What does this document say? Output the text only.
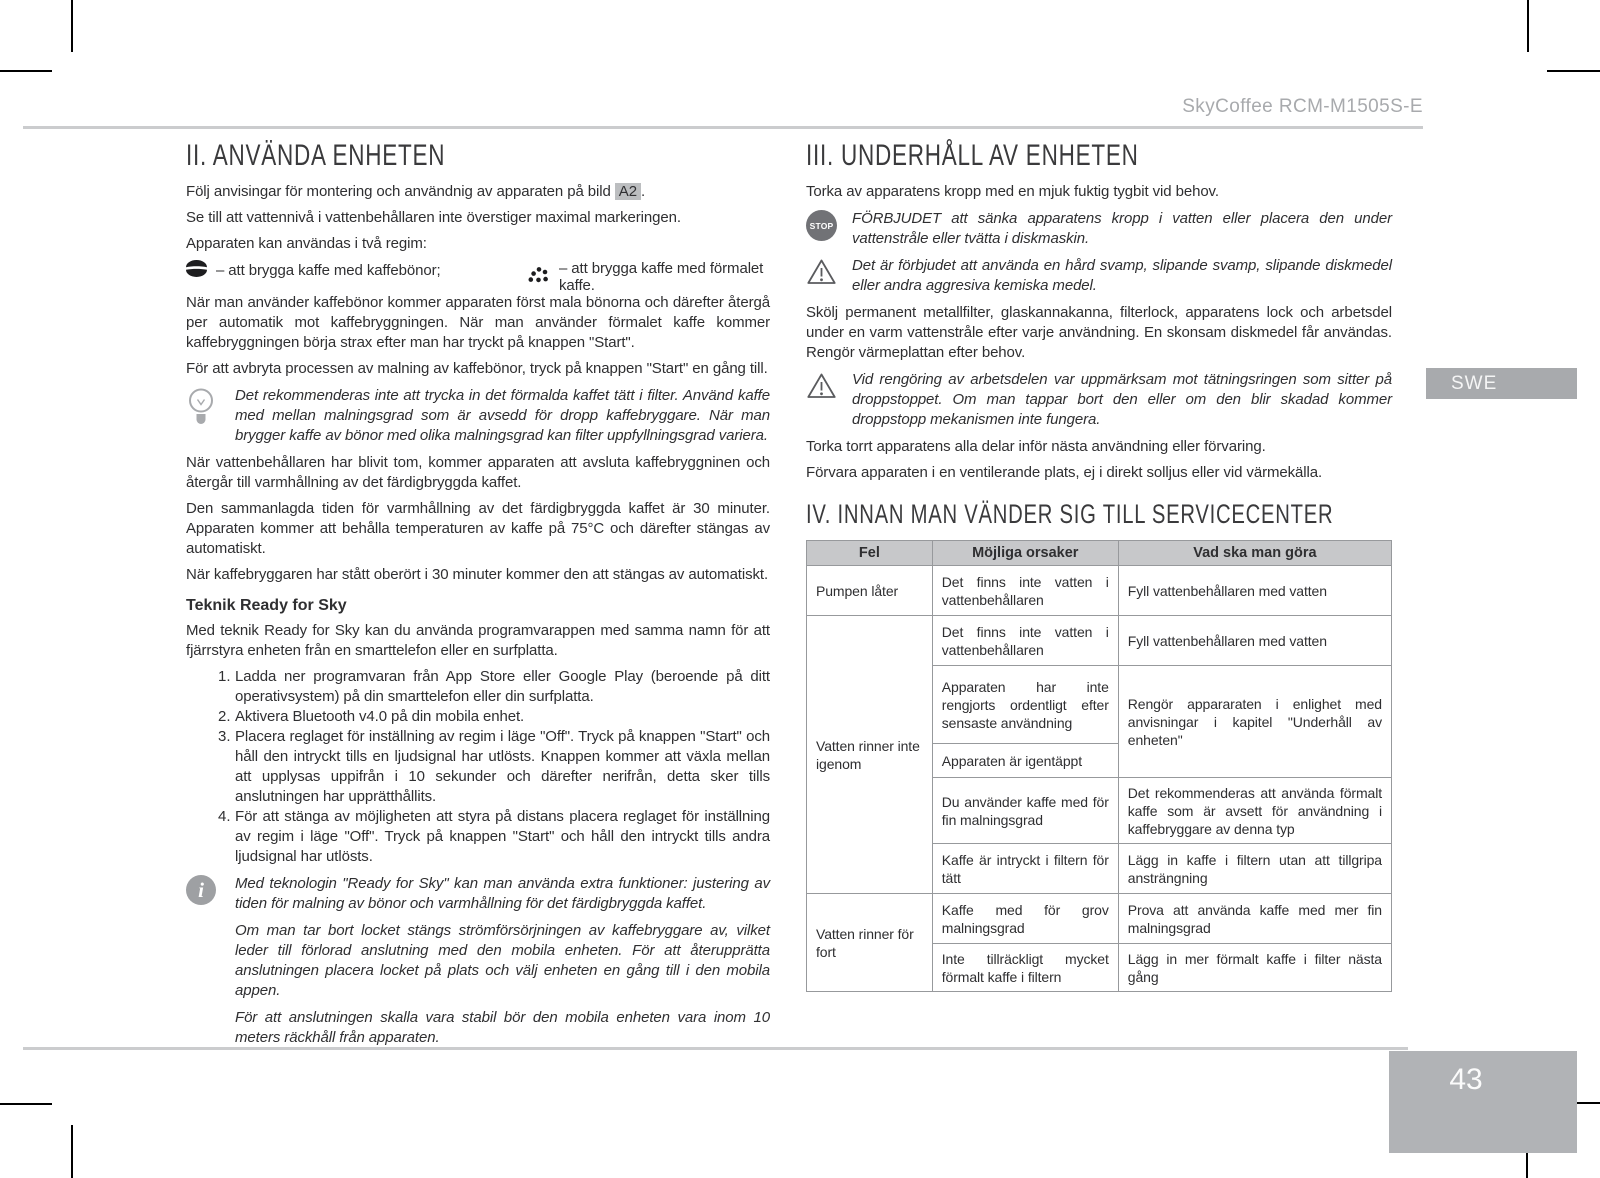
SkyCoffee RCM-M1505S-E
II. ANVÄNDA ENHETEN

Följ anvisingar för montering och användnig av apparaten på bild A2 .

Se till att vattennivå i vattenbehållaren inte överstiger maximal markeringen.

Apparaten kan användas i två regim:

– att brygga kaffe med kaffebönor;	– att brygga kaffe med förmalet kaffe.

När man använder kaffebönor kommer apparaten först mala bönorna och därefter återgå per automatik mot kaffebryggningen. När man använder förmalet kaffe kommer kaffebryggningen börja strax efter man har tryckt på knappen "Start".

För att avbryta processen av malning av kaffebönor, tryck på knappen "Start" en gång till.

Det rekommenderas inte att trycka in det förmalda kaffet tätt i filter. Använd kaffe med mellan malningsgrad som är avsedd för dropp kaffebryggare. När man brygger kaffe av bönor med olika malningsgrad kan filter uppfyllningsgrad variera.

När vattenbehållaren har blivit tom, kommer apparaten att avsluta kaffebryggninen och återgår till varmhållning av det färdigbryggda kaffet.

Den sammanlagda tiden för varmhållning av det färdigbryggda kaffet är 30 minuter. Apparaten kommer att behålla temperaturen av kaffe på 75°C och därefter stängas av automatiskt.

När kaffebryggaren har stått oberört i 30 minuter kommer den att stängas av automatiskt.

Teknik Ready for Sky

Med teknik Ready for Sky kan du använda programvarappen med samma namn för att fjärrstyra enheten från en smarttelefon eller en surfplatta.

1. Ladda ner programvaran från App Store eller Google Play (beroende på ditt operativsystem) på din smarttelefon eller din surfplatta.
2. Aktivera Bluetooth v4.0 på din mobila enhet.
3. Placera reglaget för inställning av regim i läge "Off". Tryck på knappen "Start" och håll den intryckt tills en ljudsignal har utlösts. Knappen kommer att växla mellan att upplysas uppifrån i 10 sekunder och därefter nerifrån, detta sker tills anslutningen har upprätthållits.
4. För att stänga av möjligheten att styra på distans placera reglaget för inställning av regim i läge "Off". Tryck på knappen "Start" och håll den intryckt tills andra ljudsignal har utlösts.
i	Med teknologin "Ready for Sky" kan man använda extra funktioner: justering av tiden för malning av bönor och varmhållning för det färdigbryggda kaffet.
Om man tar bort locket stängs strömförsörjningen av kaffebryggare av, vilket leder till förlorad anslutning med den mobila enheten. För att återupprätta anslutningen placera locket på plats och välj enheten en gång till i den mobila appen.
För att anslutningen skalla vara stabil bör den mobila enheten vara inom 10 meters räckhåll från apparaten.
III. UNDERHÅLL AV ENHETEN

Torka av apparatens kropp med en mjuk fuktig tygbit vid behov.

STOP FÖRBJUDET att sänka apparatens kropp i vatten eller placera den under vattenstråle eller tvätta i diskmaskin.
Det är förbjudet att använda en hård svamp, slipande svamp, slipande diskmedel eller andra aggresiva kemiska medel.

Skölj permanent metallfilter, glaskannakanna, filterlock, apparatens lock och arbetsdel under en varm vattenstråle efter varje användning. En skonsam diskmedel får användas. Rengör värmeplattan efter behov.

Vid rengöring av arbetsdelen var uppmärksam mot tätningsringen som sitter på droppstoppet. Om man tappar bort den eller om den blir skadad kommer droppstopp mekanismen inte fungera.

Torka torrt apparatens alla delar inför nästa användning eller förvaring.

Förvara apparaten i en ventilerande plats, ej i direkt solljus eller vid värmekälla.

IV. INNAN MAN VÄNDER SIG TILL SERVICECENTER
Fel	Möjliga orsaker	Vad ska man göra
Pumpen låter	Det finns inte vatten i vattenbehållaren	Fyll vattenbehållaren med vatten
Vatten rinner inte igenom	Det finns inte vatten i vattenbehållaren	Fyll vattenbehållaren med vatten
	Apparaten har inte rengjorts ordentligt efter sensaste användning	Rengör appararaten i enlighet med anvisningar i kapitel "Underhåll av enheten"
	Apparaten är igentäppt	
	Du använder kaffe med för fin malningsgrad	Det rekommenderas att använda förmalt kaffe som är avsett för användning i kaffebryggare av denna typ
	Kaffe är intryckt i filtern för tätt	Lägg in kaffe i filtern utan att tillgripa ansträngning
Vatten rinner för fort	Kaffe med för grov malningsgrad	Prova att använda kaffe med mer fin malningsgrad
	Inte tillräckligt mycket förmalt kaffe i filtern	Lägg in mer förmalt kaffe i filter nästa gång
SWE
43
